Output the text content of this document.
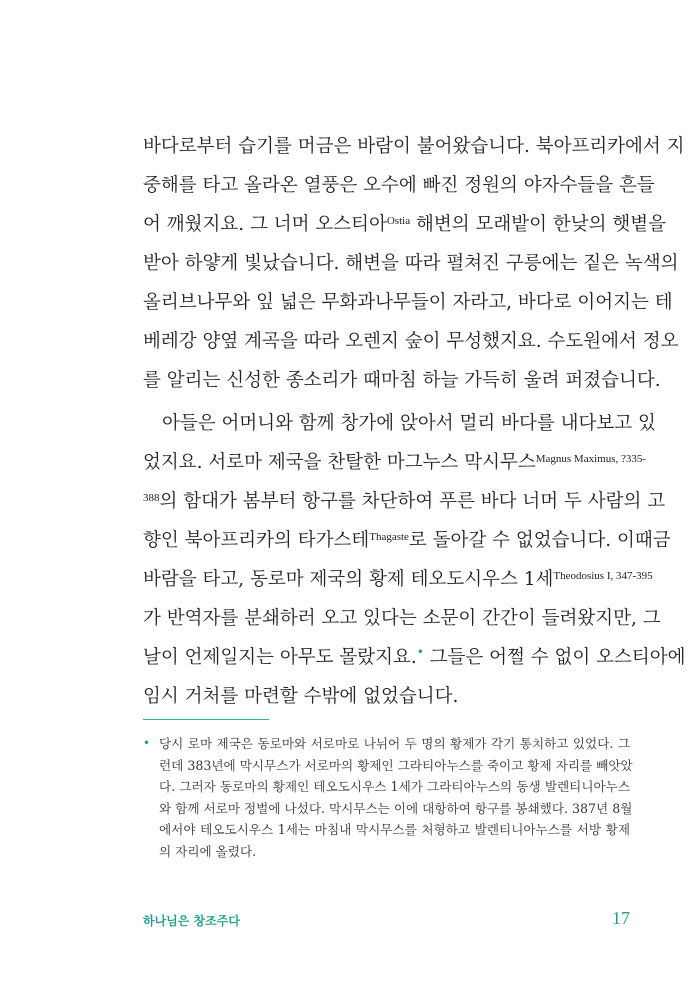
바다로부터 습기를 머금은 바람이 불어왔습니다. 북아프리카에서 지
중해를 타고 올라온 열풍은 오수에 빠진 정원의 야자수들을 흔들
어 깨웠지요. 그 너머 오스티아$^{Ostia}$ 해변의 모래밭이 한낮의 햇볕을
받아 하얗게 빛났습니다. 해변을 따라 펼쳐진 구릉에는 짙은 녹색의
올리브나무와 잎 넓은 무화과나무들이 자라고, 바다로 이어지는 테
베레강 양옆 계곡을 따라 오렌지 숲이 무성했지요. 수도원에서 정오
를 알리는 신성한 종소리가 때마침 하늘 가득히 울려 퍼졌습니다.
아들은 어머니와 함께 창가에 앉아서 멀리 바다를 내다보고 있
었지요. 서로마 제국을 찬탈한 마그누스 막시무스$^{Magnus Maximus, ?335-}$
$^{388}$의 함대가 봄부터 항구를 차단하여 푸른 바다 너머 두 사람의 고
향인 북아프리카의 타가스테$^{Thagaste}$로 돌아갈 수 없었습니다. 이때금
바람을 타고, 동로마 제국의 황제 테오도시우스 1세$^{Theodosius I, 347-395}$
가 반역자를 분쇄하러 오고 있다는 소문이 간간이 들려왔지만, 그
날이 언제일지는 아무도 몰랐지요.• 그들은 어쩔 수 없이 오스티아에
임시 거처를 마련할 수밖에 없었습니다.
• 당시 로마 제국은 동로마와 서로마로 나뉘어 두 명의 황제가 각기 통치하고 있었다. 그
런데 383년에 막시무스가 서로마의 황제인 그라티아누스를 죽이고 황제 자리를 빼앗았
다. 그러자 동로마의 황제인 테오도시우스 1세가 그라티아누스의 동생 발렌티니아누스
와 함께 서로마 정벌에 나섰다. 막시무스는 이에 대항하여 항구를 봉쇄했다. 387년 8월
에서야 테오도시우스 1세는 마침내 막시무스를 처형하고 발렌티니아누스를 서방 황제
의 자리에 올렸다.
하나님은 창조주다	17
